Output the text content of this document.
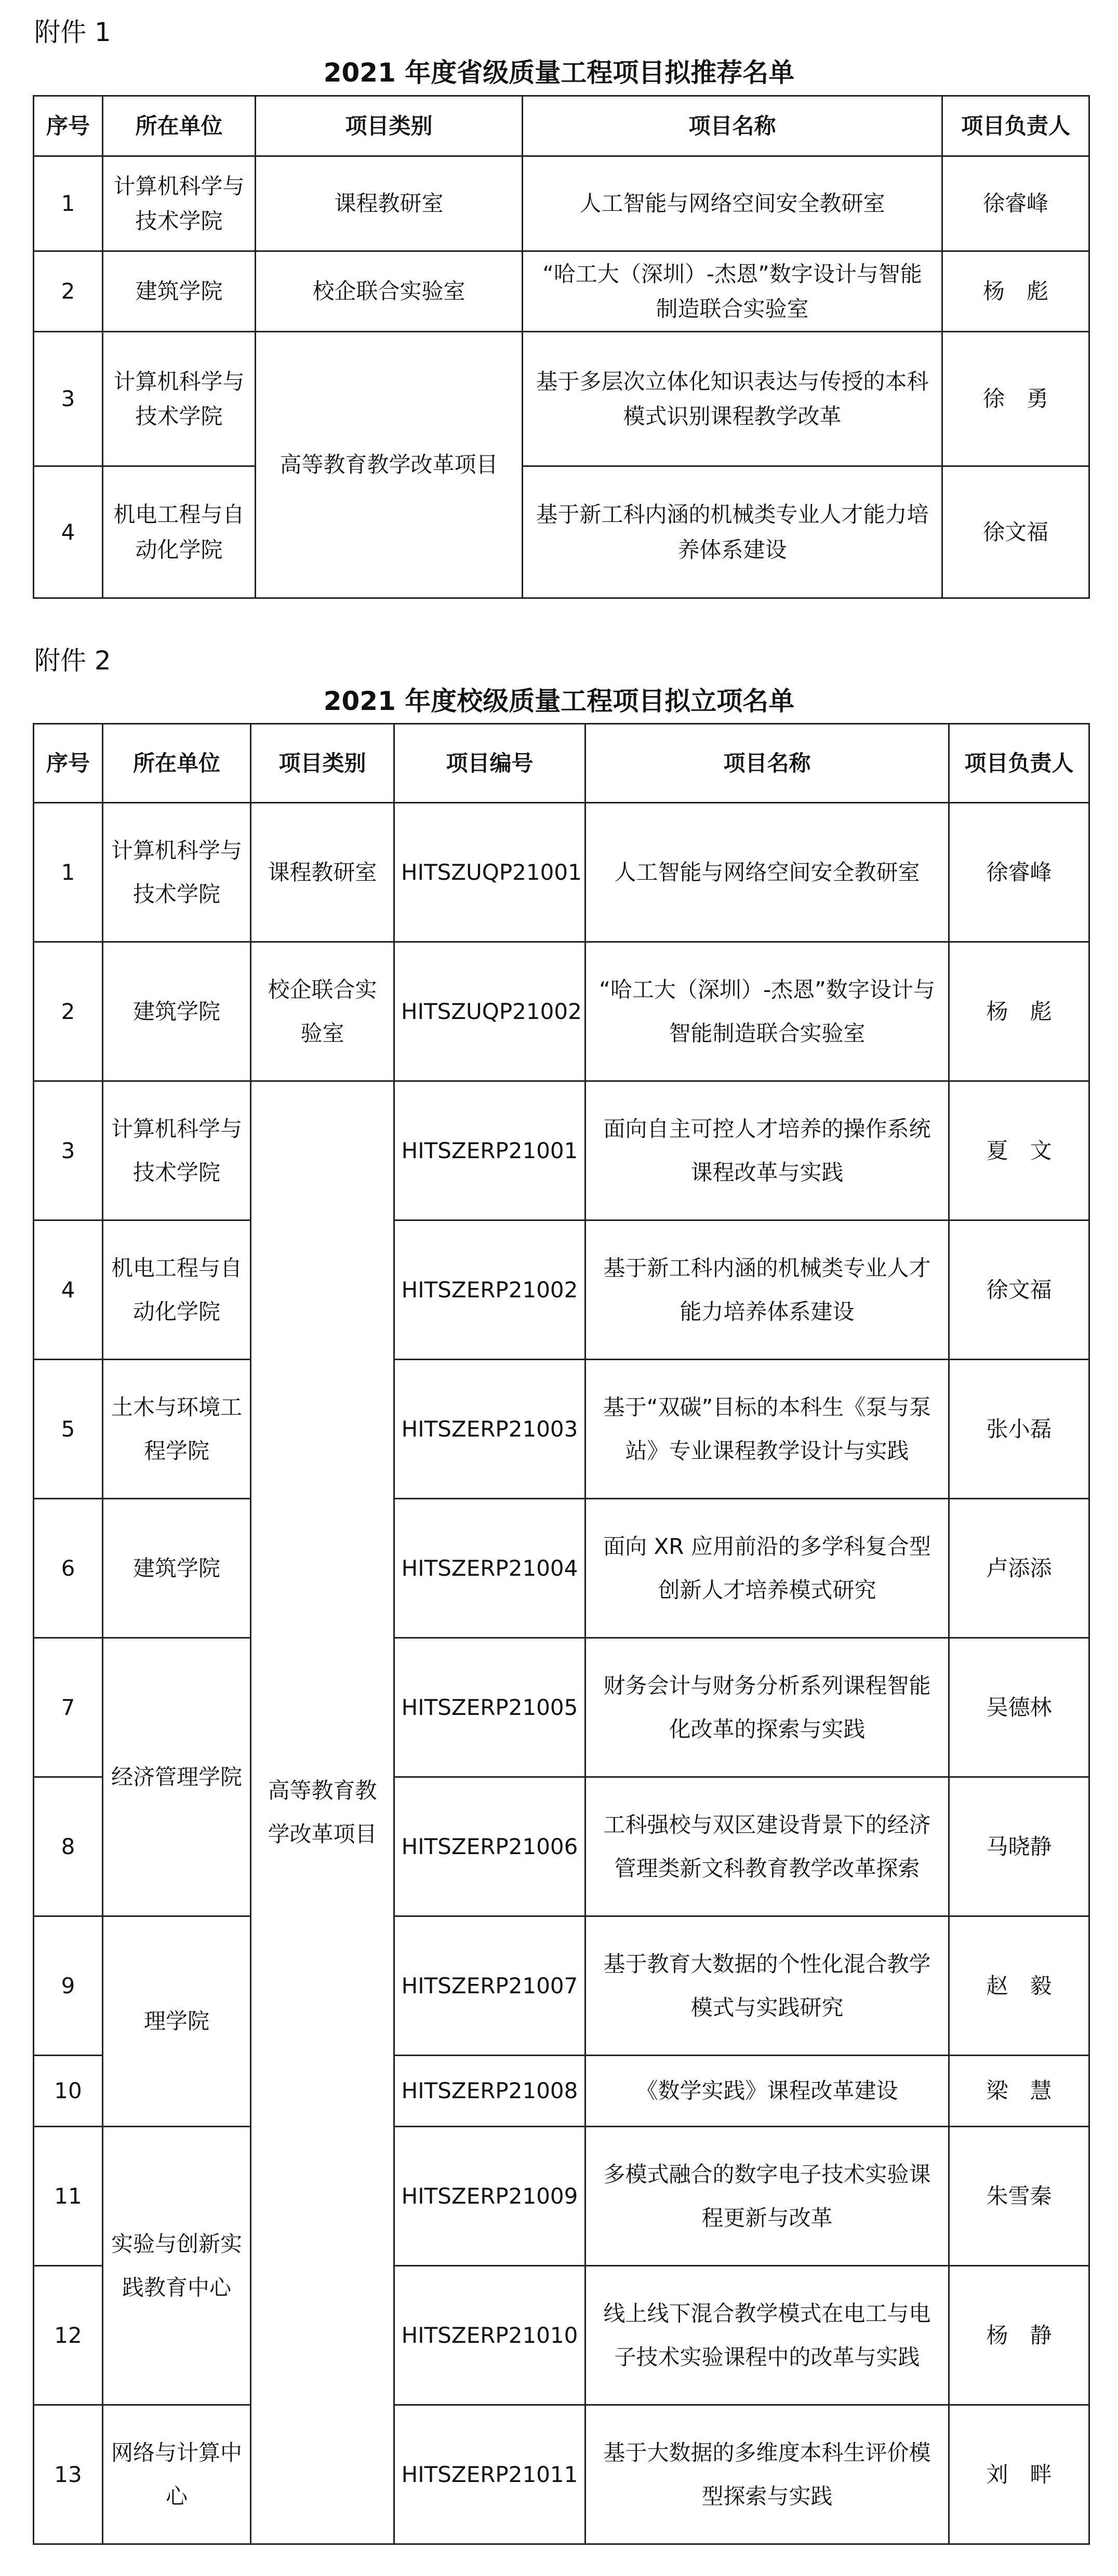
附件 1
2021 年度省级质量工程项目拟推荐名单
序号	所在单位	项目类别	项目名称	项目负责人
1	计算机科学与技术学院	课程教研室	人工智能与网络空间安全教研室	徐睿峰
2	建筑学院	校企联合实验室	“哈工大（深圳）-杰恩”数字设计与智能制造联合实验室	杨　彪
3	计算机科学与技术学院	高等教育教学改革项目	基于多层次立体化知识表达与传授的本科模式识别课程教学改革	徐　勇
4	机电工程与自动化学院		基于新工科内涵的机械类专业人才能力培养体系建设	徐文福
附件 2
2021 年度校级质量工程项目拟立项名单
序号	所在单位	项目类别	项目编号	项目名称	项目负责人
1	计算机科学与技术学院	课程教研室	HITSZUQP21001	人工智能与网络空间安全教研室	徐睿峰
2	建筑学院	校企联合实验室	HITSZUQP21002	“哈工大（深圳）-杰恩”数字设计与智能制造联合实验室	杨　彪
3	计算机科学与技术学院	高等教育教学改革项目	HITSZERP21001	面向自主可控人才培养的操作系统课程改革与实践	夏　文
4	机电工程与自动化学院		HITSZERP21002	基于新工科内涵的机械类专业人才能力培养体系建设	徐文福
5	土木与环境工程学院		HITSZERP21003	基于“双碳”目标的本科生《泵与泵站》专业课程教学设计与实践	张小磊
6	建筑学院		HITSZERP21004	面向 XR 应用前沿的多学科复合型创新人才培养模式研究	卢添添
7	经济管理学院		HITSZERP21005	财务会计与财务分析系列课程智能化改革的探索与实践	吴德林
8			HITSZERP21006	工科强校与双区建设背景下的经济管理类新文科教育教学改革探索	马晓静
9	理学院		HITSZERP21007	基于教育大数据的个性化混合教学模式与实践研究	赵　毅
10			HITSZERP21008	《数学实践》课程改革建设	梁　慧
11	实验与创新实践教育中心		HITSZERP21009	多模式融合的数字电子技术实验课程更新与改革	朱雪秦
12			HITSZERP21010	线上线下混合教学模式在电工与电子技术实验课程中的改革与实践	杨　静
13	网络与计算中心		HITSZERP21011	基于大数据的多维度本科生评价模型探索与实践	刘　畔
